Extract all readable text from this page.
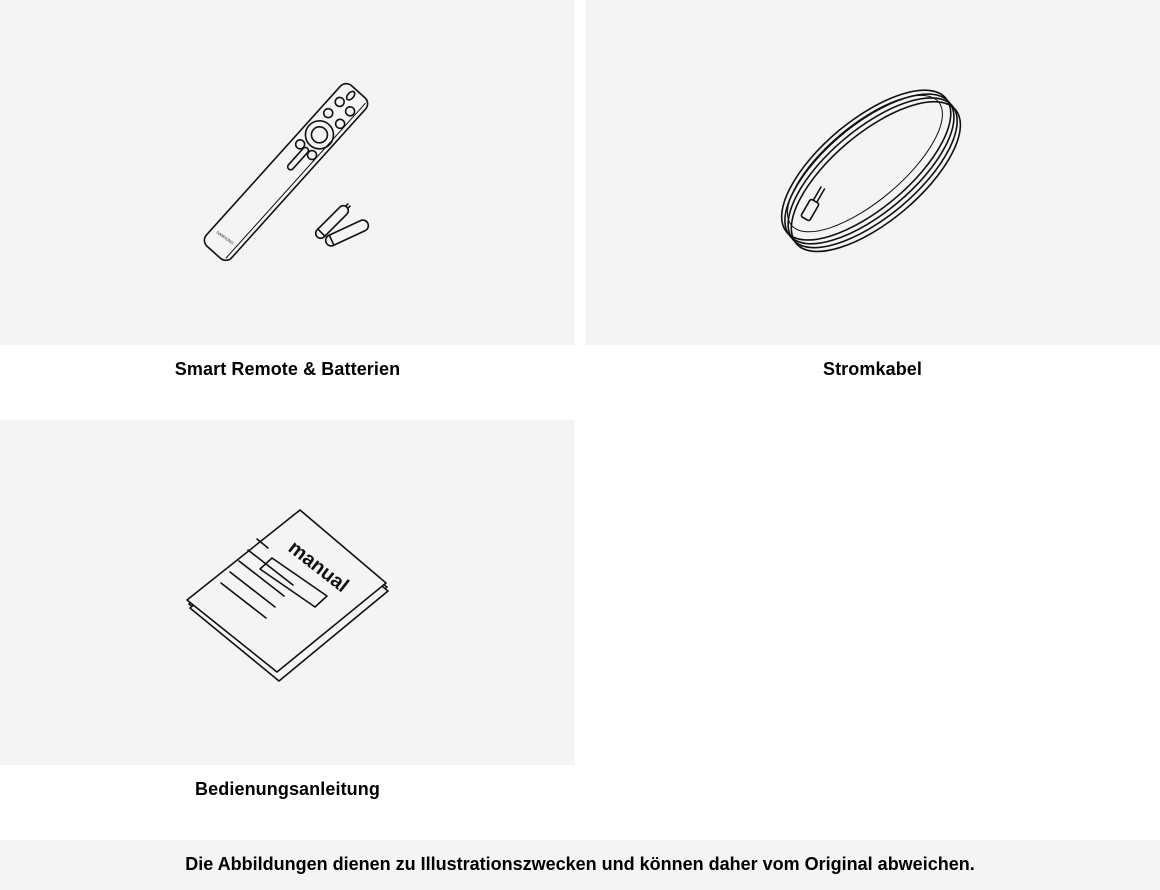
SAMSUNG
Smart Remote & Batterien	Stromkabel
manual
Bedienungsanleitung
Die Abbildungen dienen zu Illustrationszwecken und können daher vom Original abweichen.
